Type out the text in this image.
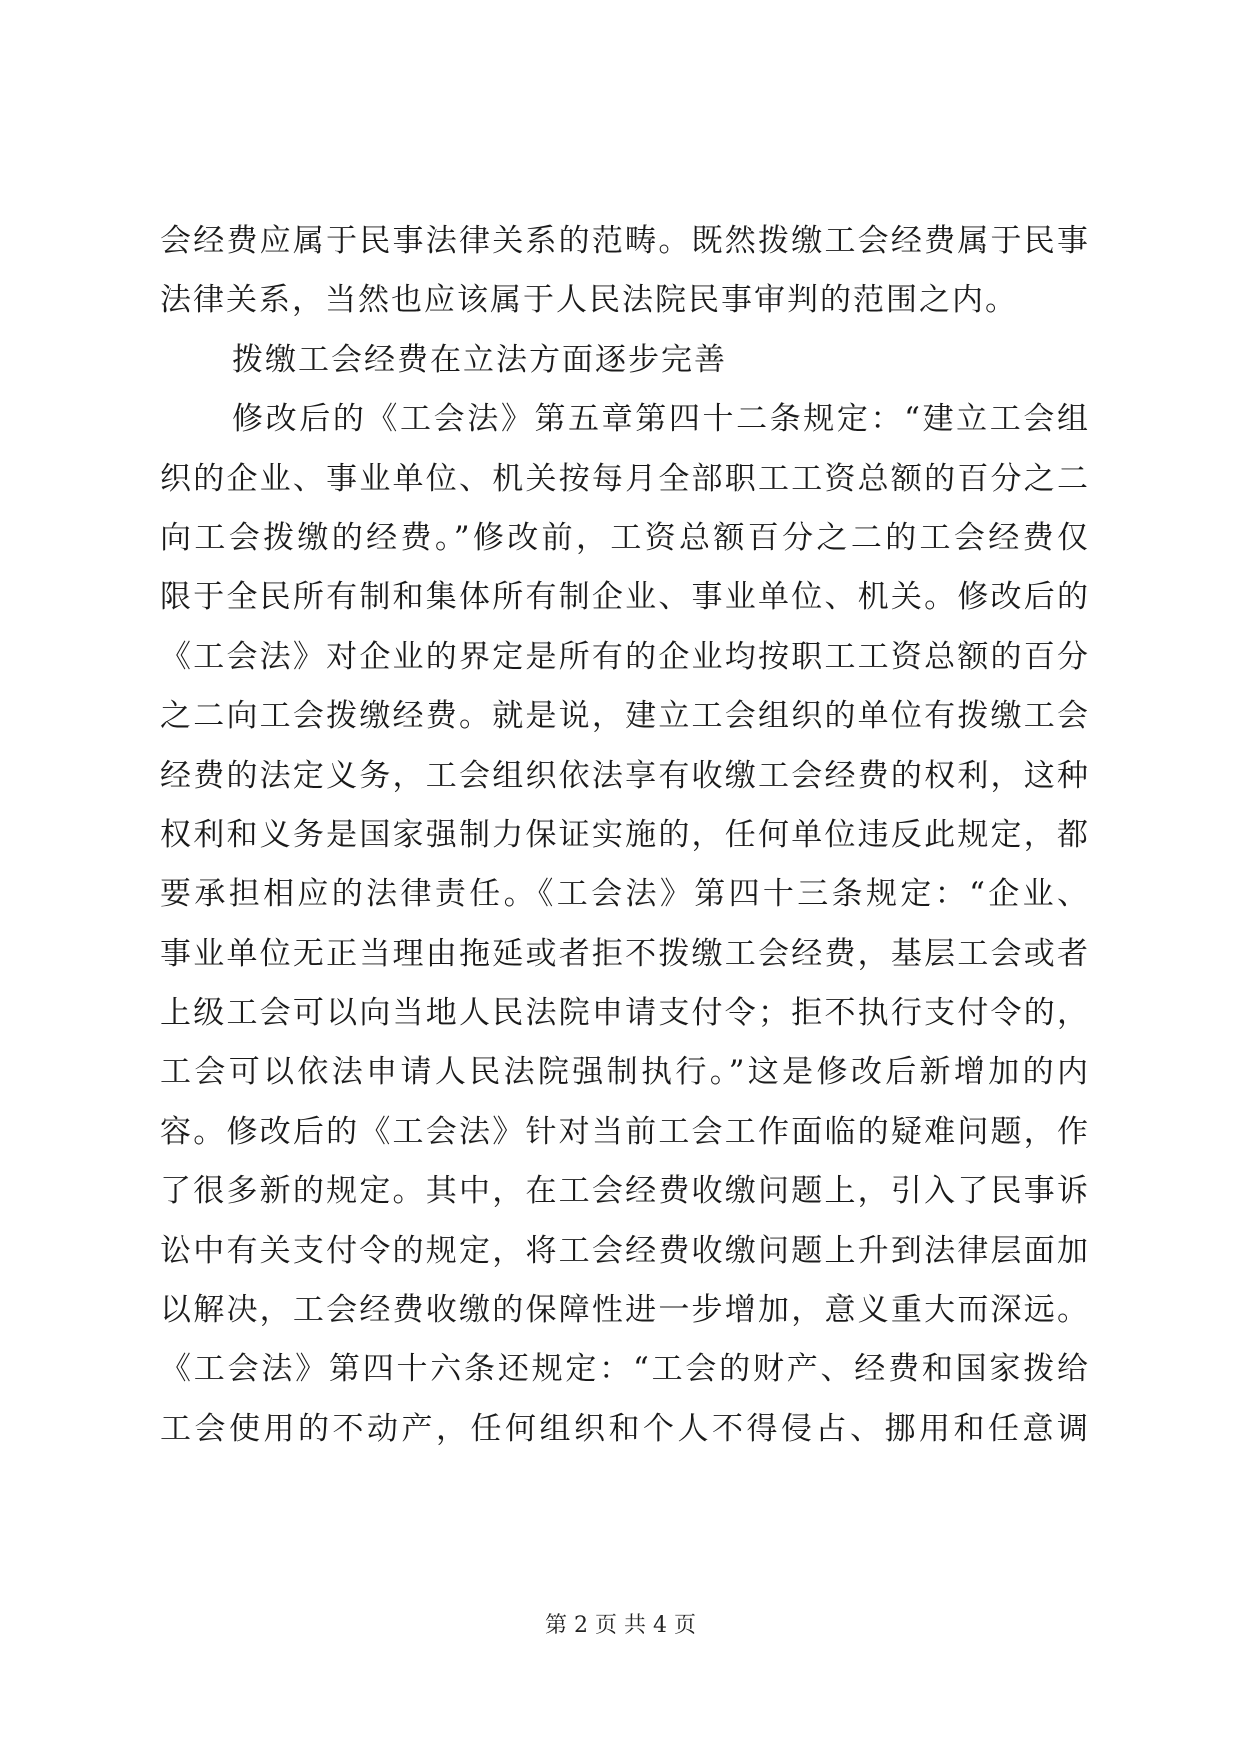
会经费应属于民事法律关系的范畴。既然拨缴工会经费属于民事
法律关系，当然也应该属于人民法院民事审判的范围之内。
拨缴工会经费在立法方面逐步完善
修改后的《工会法》第五章第四十二条规定：“建立工会组
织的企业、事业单位、机关按每月全部职工工资总额的百分之二
向工会拨缴的经费。”修改前，工资总额百分之二的工会经费仅
限于全民所有制和集体所有制企业、事业单位、机关。修改后的
《工会法》对企业的界定是所有的企业均按职工工资总额的百分
之二向工会拨缴经费。就是说，建立工会组织的单位有拨缴工会
经费的法定义务，工会组织依法享有收缴工会经费的权利，这种
权利和义务是国家强制力保证实施的，任何单位违反此规定，都
要承担相应的法律责任。《工会法》第四十三条规定：“企业、
事业单位无正当理由拖延或者拒不拨缴工会经费，基层工会或者
上级工会可以向当地人民法院申请支付令；拒不执行支付令的，
工会可以依法申请人民法院强制执行。”这是修改后新增加的内
容。修改后的《工会法》针对当前工会工作面临的疑难问题，作
了很多新的规定。其中，在工会经费收缴问题上，引入了民事诉
讼中有关支付令的规定，将工会经费收缴问题上升到法律层面加
以解决，工会经费收缴的保障性进一步增加，意义重大而深远。
《工会法》第四十六条还规定：“工会的财产、经费和国家拨给
工会使用的不动产，任何组织和个人不得侵占、挪用和任意调
第 2 页 共 4 页
